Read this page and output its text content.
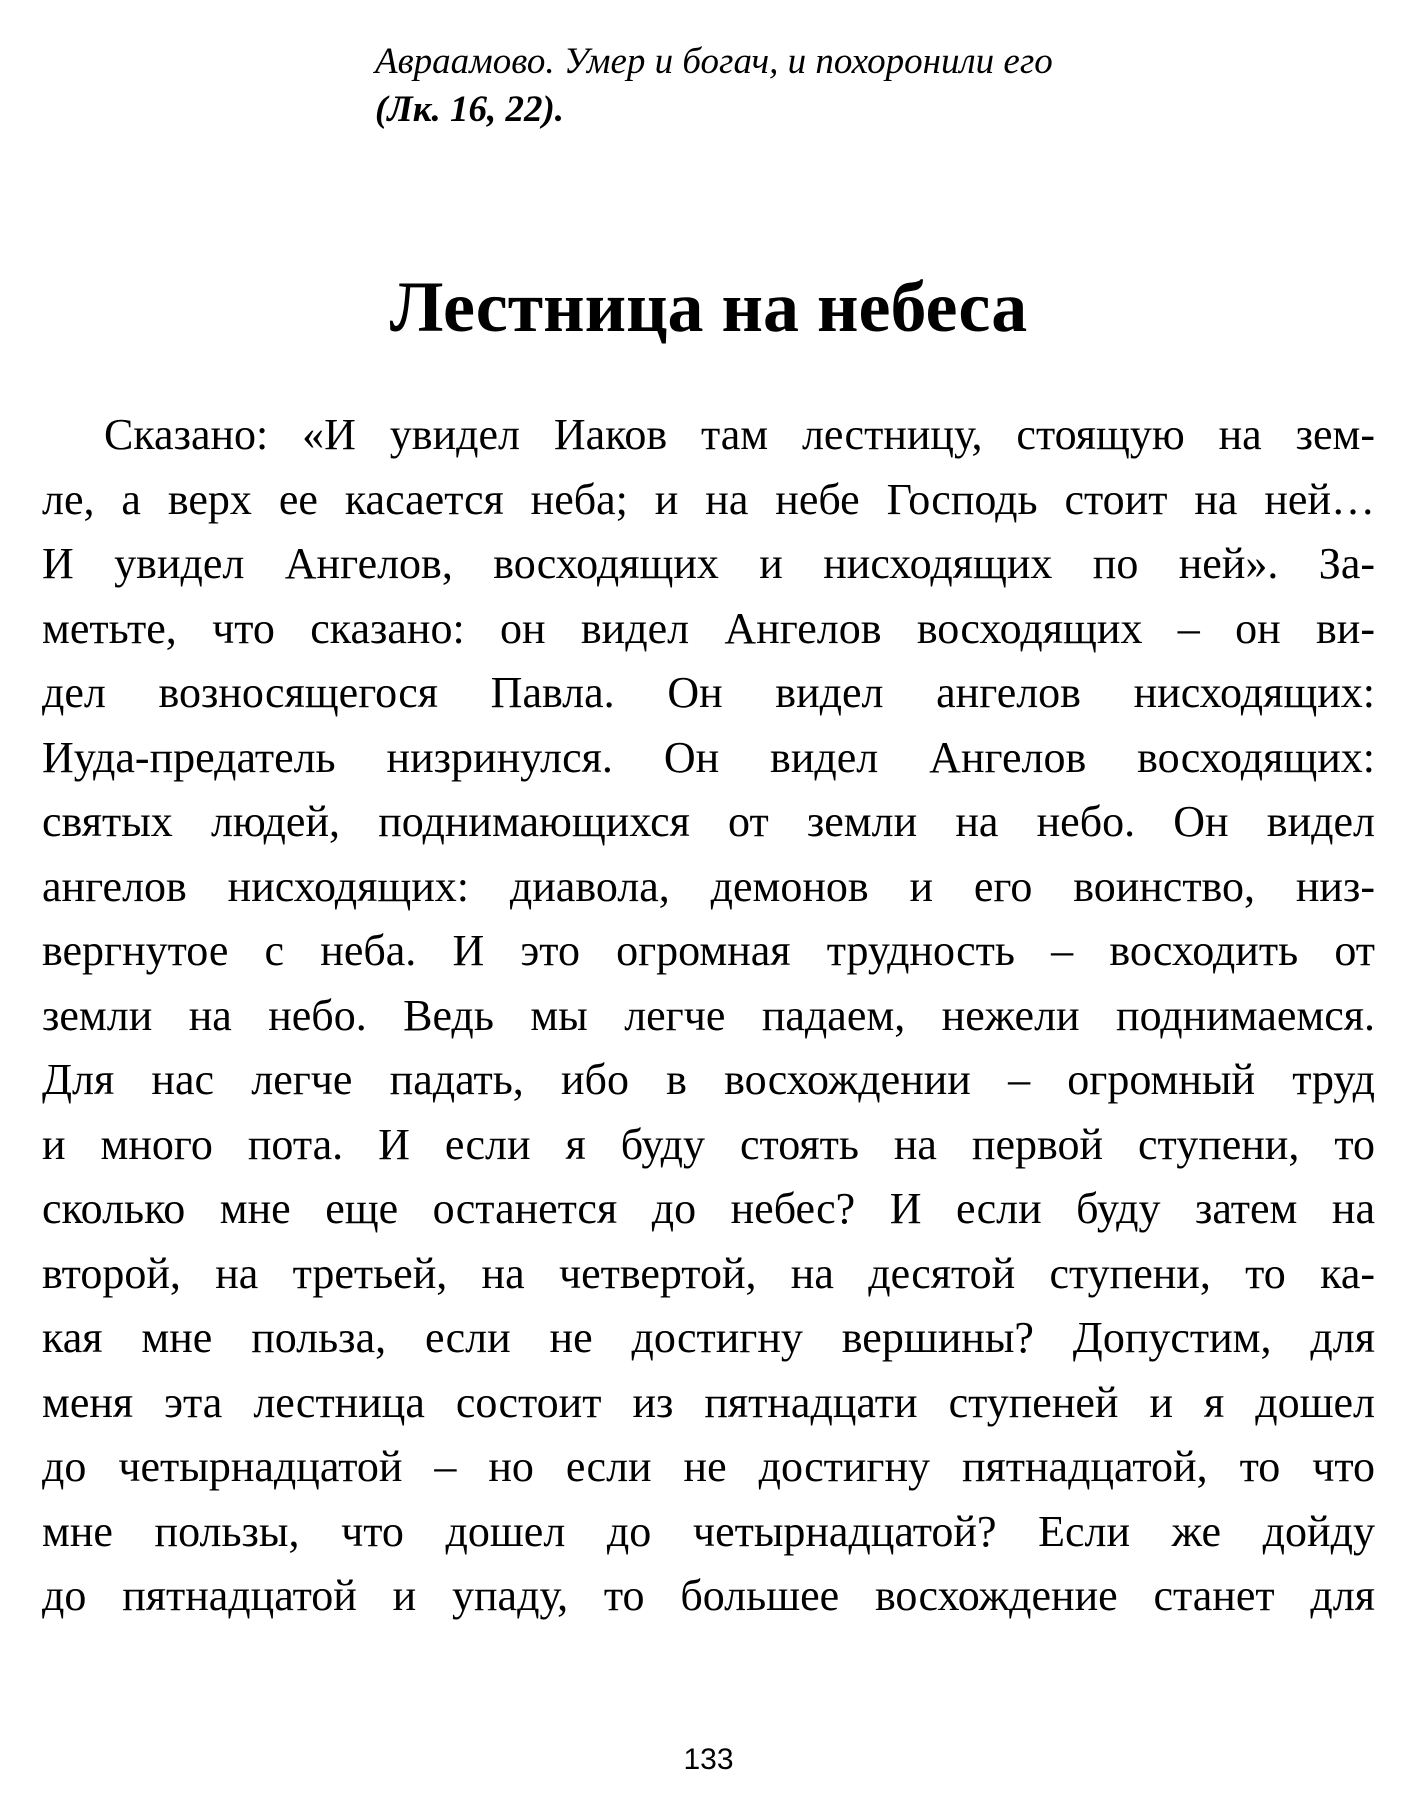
Авраамово. Умер и богач, и похоронили его
(Лк. 16, 22).
Лестница на небеса
Сказано: «И увидел Иаков там лестницу, стоящую на зем-
ле, а верх ее касается неба; и на небе Господь стоит на ней…
И увидел Ангелов, восходящих и нисходящих по ней». За-
метьте, что сказано: он видел Ангелов восходящих – он ви-
дел возносящегося Павла. Он видел ангелов нисходящих:
Иуда-предатель низринулся. Он видел Ангелов восходящих:
святых людей, поднимающихся от земли на небо. Он видел
ангелов нисходящих: диавола, демонов и его воинство, низ-
вергнутое с неба. И это огромная трудность – восходить от
земли на небо. Ведь мы легче падаем, нежели поднимаемся.
Для нас легче падать, ибо в восхождении – огромный труд
и много пота. И если я буду стоять на первой ступени, то
сколько мне еще останется до небес? И если буду затем на
второй, на третьей, на четвертой, на десятой ступени, то ка-
кая мне польза, если не достигну вершины? Допустим, для
меня эта лестница состоит из пятнадцати ступеней и я дошел
до четырнадцатой – но если не достигну пятнадцатой, то что
мне пользы, что дошел до четырнадцатой? Если же дойду
до пятнадцатой и упаду, то большее восхождение станет для
133
